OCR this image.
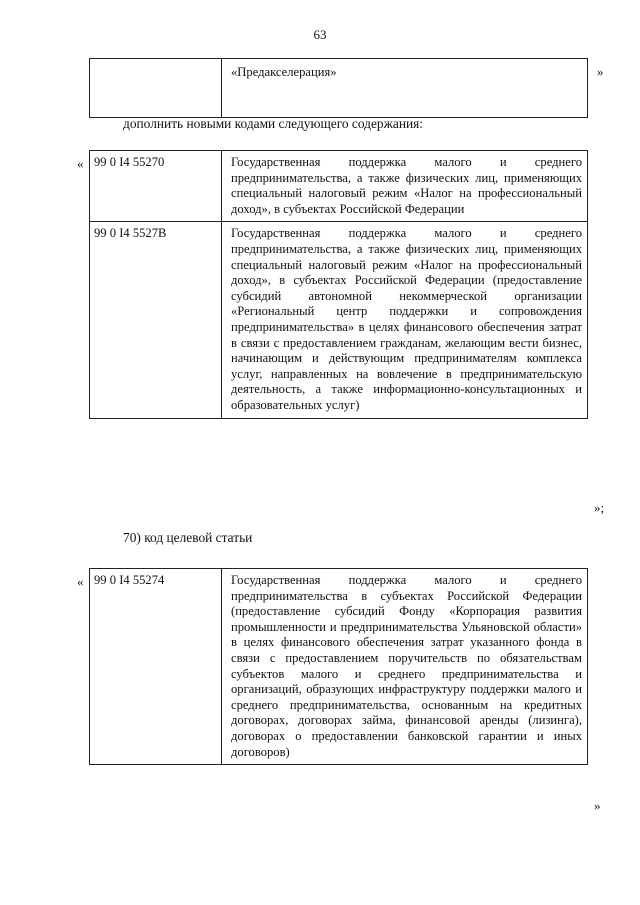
63
	«Предакселерация»	»
дополнить новыми кодами следующего содержания:
« 99 0 I4 55270	Государственная поддержка малого и среднего предпринимательства, а также физических лиц, применяющих специальный налоговый режим «Налог на профессиональный доход», в субъектах Российской Федерации
99 0 I4 5527В	Государственная поддержка малого и среднего предпринимательства, а также физических лиц, применяющих специальный налоговый режим «Налог на профессиональный доход», в субъектах Российской Федерации (предоставление субсидий автономной некоммерческой организации «Региональный центр поддержки и сопровождения предпринимательства» в целях финансового обеспечения затрат в связи с предоставлением гражданам, желающим вести бизнес, начинающим и действующим предпринимателям комплекса услуг, направленных на вовлечение в предпринимательскую деятельность, а также информационно-консультационных и образовательных услуг)
»;
70) код целевой статьи
« 99 0 I4 55274	Государственная поддержка малого и среднего предпринимательства в субъектах Российской Федерации (предоставление субсидий Фонду «Корпорация развития промышленности и предпринимательства Ульяновской области» в целях финансового обеспечения затрат указанного фонда в связи с предоставлением поручительств по обязательствам субъектов малого и среднего предпринимательства и организаций, образующих инфраструктуру поддержки малого и среднего предпринимательства, основанным на кредитных договорах, договорах займа, финансовой аренды (лизинга), договорах о предоставлении банковской гарантии и иных договоров)
»
